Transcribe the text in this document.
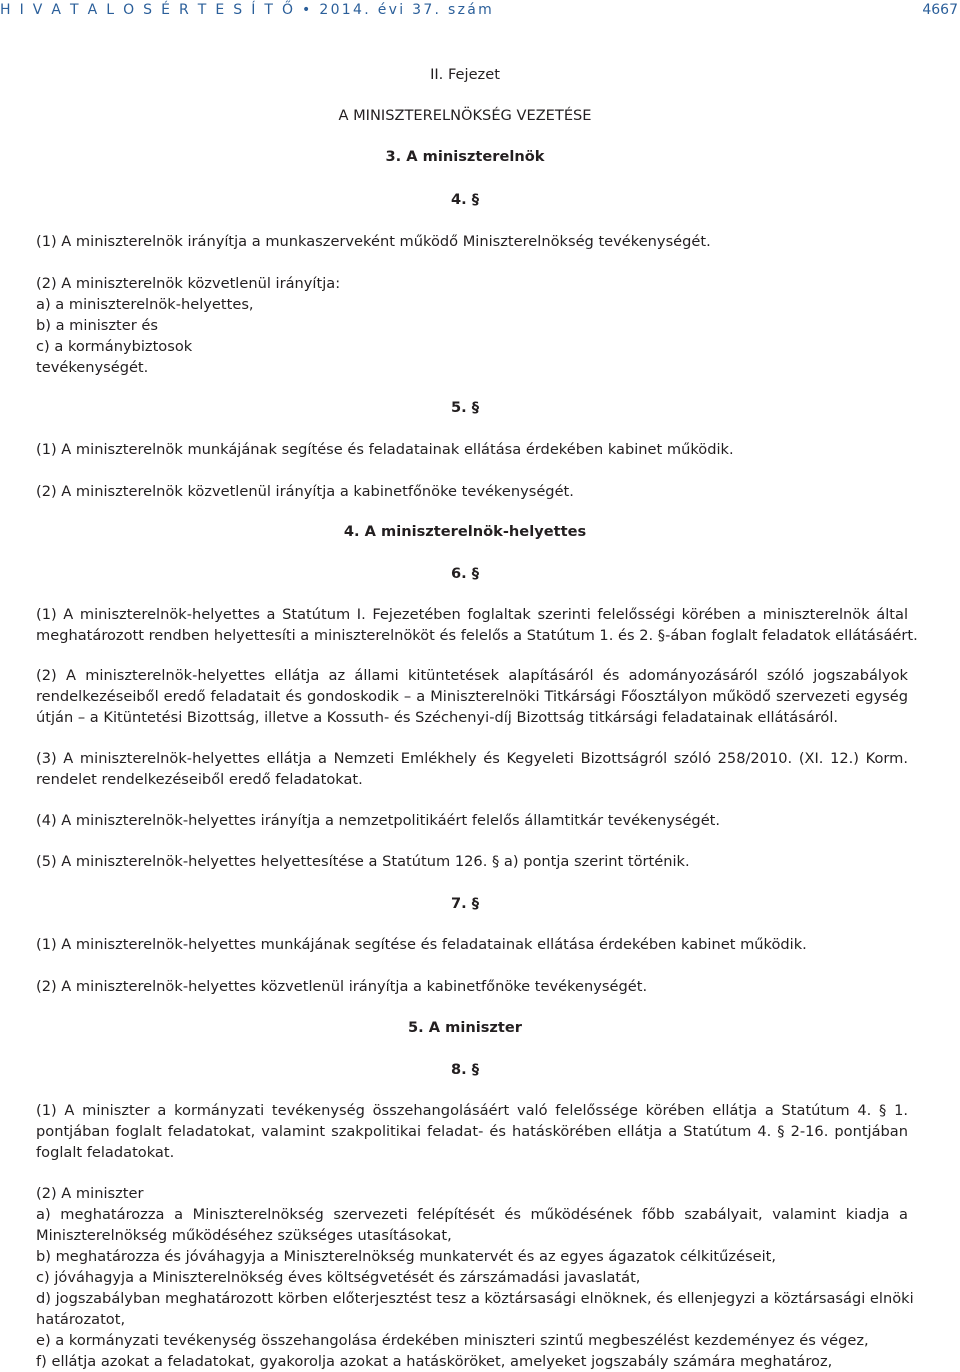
H I V A T A L O S É R T E S Í T Ő • 2014. évi 37. szám	4667
II. Fejezet
A MINISZTERELNÖKSÉG VEZETÉSE
3. A miniszterelnök
4. §
(1) A miniszterelnök irányítja a munkaszerveként működő Miniszterelnökség tevékenységét.
(2) A miniszterelnök közvetlenül irányítja:
a) a miniszterelnök-helyettes,
b) a miniszter és
c) a kormánybiztosok
tevékenységét.
5. §
(1) A miniszterelnök munkájának segítése és feladatainak ellátása érdekében kabinet működik.
(2) A miniszterelnök közvetlenül irányítja a kabinetfőnöke tevékenységét.
4. A miniszterelnök-helyettes
6. §
(1) A miniszterelnök-helyettes a Statútum I. Fejezetében foglaltak szerinti felelősségi körében a miniszterelnök által
meghatározott rendben helyettesíti a miniszterelnököt és felelős a Statútum 1. és 2. §-ában foglalt feladatok ellátásáért.
(2) A miniszterelnök-helyettes ellátja az állami kitüntetések alapításáról és adományozásáról szóló jogszabályok
rendelkezéseiből eredő feladatait és gondoskodik – a Miniszterelnöki Titkársági Főosztályon működő szervezeti egység
útján – a Kitüntetési Bizottság, illetve a Kossuth- és Széchenyi-díj Bizottság titkársági feladatainak ellátásáról.
(3) A miniszterelnök-helyettes ellátja a Nemzeti Emlékhely és Kegyeleti Bizottságról szóló 258/2010. (XI. 12.) Korm.
rendelet rendelkezéseiből eredő feladatokat.
(4) A miniszterelnök-helyettes irányítja a nemzetpolitikáért felelős államtitkár tevékenységét.
(5) A miniszterelnök-helyettes helyettesítése a Statútum 126. § a) pontja szerint történik.
7. §
(1) A miniszterelnök-helyettes munkájának segítése és feladatainak ellátása érdekében kabinet működik.
(2) A miniszterelnök-helyettes közvetlenül irányítja a kabinetfőnöke tevékenységét.
5. A miniszter
8. §
(1) A miniszter a kormányzati tevékenység összehangolásáért való felelőssége körében ellátja a Statútum 4. § 1.
pontjában foglalt feladatokat, valamint szakpolitikai feladat- és hatáskörében ellátja a Statútum 4. § 2-16. pontjában
foglalt feladatokat.
(2) A miniszter
a) meghatározza a Miniszterelnökség szervezeti felépítését és működésének főbb szabályait, valamint kiadja a
Miniszterelnökség működéséhez szükséges utasításokat,
b) meghatározza és jóváhagyja a Miniszterelnökség munkatervét és az egyes ágazatok célkitűzéseit,
c) jóváhagyja a Miniszterelnökség éves költségvetését és zárszámadási javaslatát,
d) jogszabályban meghatározott körben előterjesztést tesz a köztársasági elnöknek, és ellenjegyzi a köztársasági elnöki
határozatot,
e) a kormányzati tevékenység összehangolása érdekében miniszteri szintű megbeszélést kezdeményez és végez,
f) ellátja azokat a feladatokat, gyakorolja azokat a hatásköröket, amelyeket jogszabály számára meghatároz,
